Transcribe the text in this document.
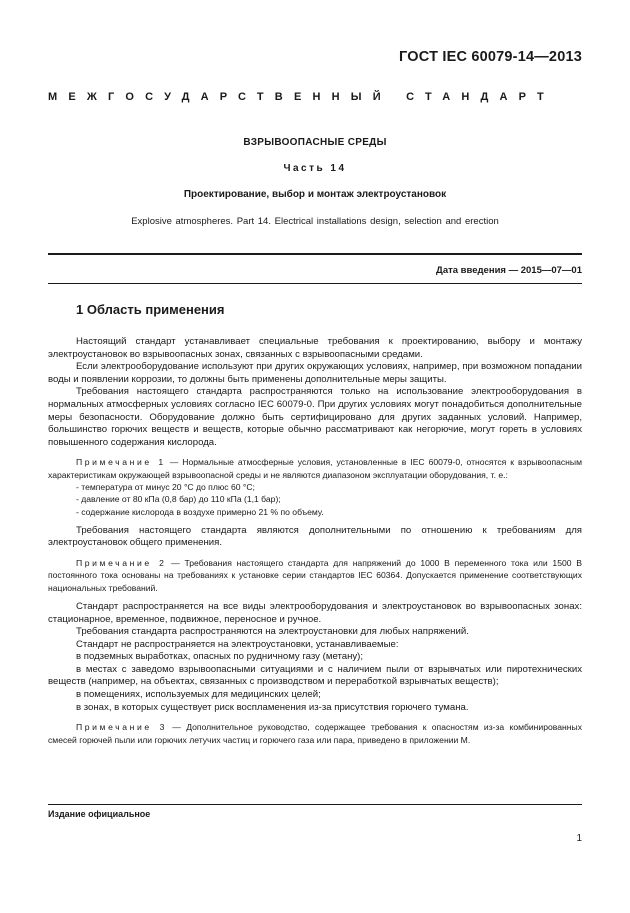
ГОСТ IEC 60079-14—2013
МЕЖГОСУДАРСТВЕННЫЙ СТАНДАРТ
ВЗРЫВООПАСНЫЕ СРЕДЫ
Часть 14
Проектирование, выбор и монтаж электроустановок
Explosive atmospheres. Part 14. Electrical installations design, selection and erection
Дата введения — 2015—07—01
1 Область применения

Настоящий стандарт устанавливает специальные требования к проектированию, выбору и монтажу электроустановок во взрывоопасных зонах, связанных с взрывоопасными средами.

Если электрооборудование используют при других окружающих условиях, например, при возможном попадании воды и появлении коррозии, то должны быть применены дополнительные меры защиты.

Требования настоящего стандарта распространяются только на использование электрооборудования в нормальных атмосферных условиях согласно IEC 60079-0. При других условиях могут понадобиться дополнительные меры безопасности. Оборудование должно быть сертифицировано для других заданных условий. Например, большинство горючих веществ и веществ, которые обычно рассматривают как негорючие, могут гореть в условиях повышенного содержания кислорода.

Примечание 1 — Нормальные атмосферные условия, установленные в IEC 60079-0, относятся к взрывоопасным характеристикам окружающей взрывоопасной среды и не являются диапазоном эксплуатации оборудования, т. е.:

- температура от минус 20 °С до плюс 60 °С;

- давление от 80 кПа (0,8 бар) до 110 кПа (1,1 бар);

- содержание кислорода в воздухе примерно 21 % по объему.

Требования настоящего стандарта являются дополнительными по отношению к требованиям для электроустановок общего применения.

Примечание 2 — Требования настоящего стандарта для напряжений до 1000 В переменного тока или 1500 В постоянного тока основаны на требованиях к установке серии стандартов IEC 60364. Допускается применение соответствующих национальных требований.

Стандарт распространяется на все виды электрооборудования и электроустановок во взрывоопасных зонах: стационарное, временное, подвижное, переносное и ручное.

Требования стандарта распространяются на электроустановки для любых напряжений.

Стандарт не распространяется на электроустановки, устанавливаемые:

в подземных выработках, опасных по рудничному газу (метану);

в местах с заведомо взрывоопасными ситуациями и с наличием пыли от взрывчатых или пиротехнических веществ (например, на объектах, связанных с производством и переработкой взрывчатых веществ);

в помещениях, используемых для медицинских целей;

в зонах, в которых существует риск воспламенения из-за присутствия горючего тумана.

Примечание 3 — Дополнительное руководство, содержащее требования к опасностям из-за комбинированных смесей горючей пыли или горючих летучих частиц и горючего газа или пара, приведено в приложении М.

Издание официальное
1
